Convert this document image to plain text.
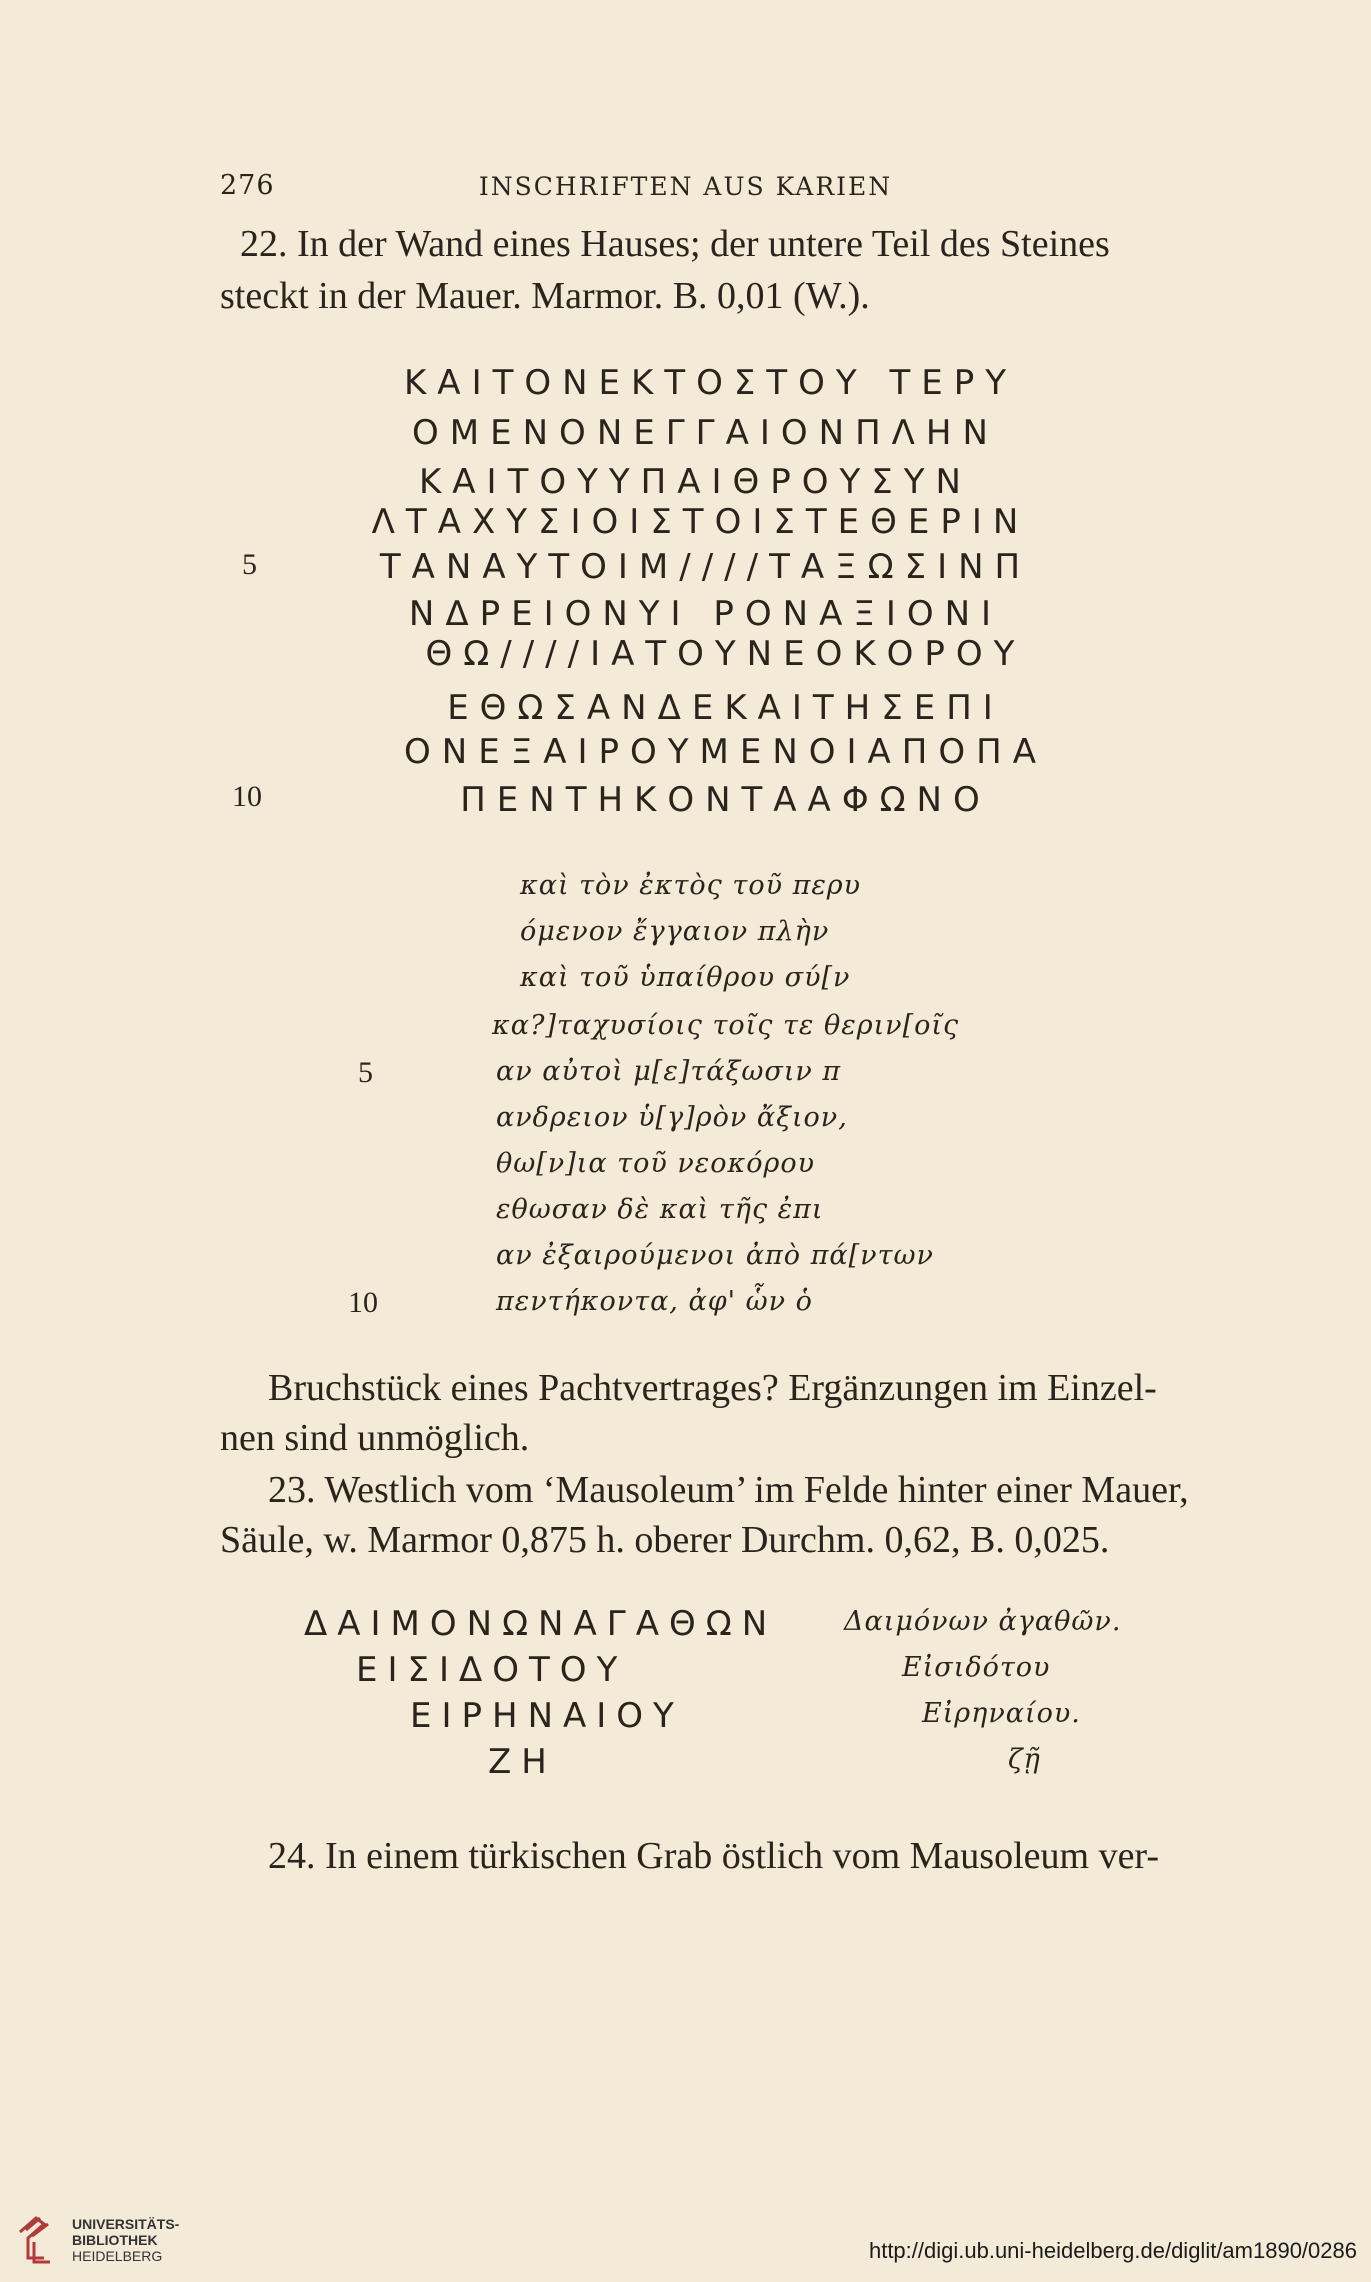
276	INSCHRIFTEN AUS KARIEN
22. In der Wand eines Hauses; der untere Teil des Steines
steckt in der Mauer. Marmor. B. 0,01 (W.).
ΚΑΙΤΟΝΕΚΤΟΣΤΟΥ ΤΕΡΥ
ΟΜΕΝΟΝΕΓΓΑΙΟΝΠΛΗΝ
ΚΑΙΤΟΥΥΠΑΙΘΡΟΥΣΥΝ
ΛΤΑΧΥΣΙΟΙΣΤΟΙΣΤΕΘΕΡΙΝ
ΤΑΝΑΥΤΟΙΜ////ΤΑΞΩΣΙΝΠ
ΝΔΡΕΙΟΝΥΙ ΡΟΝΑΞΙΟΝΙ
ΘΩ////ΙΑΤΟΥΝΕΟΚΟΡΟΥ
ΕΘΩΣΑΝΔΕΚΑΙΤΗΣΕΠΙ
ΟΝΕΞΑΙΡΟΥΜΕΝΟΙΑΠΟΠΑ
ΠΕΝΤΗΚΟΝΤΑΑΦΩΝΟ
5
10
καὶ τὸν ἐκτὸς τοῦ περυ
όμενον ἔγγαιον πλὴν
καὶ τοῦ ὑπαίθρου σύ[ν
κα?]ταχυσίοις τοῖς τε θεριν[οῖς
αν αὐτοὶ μ[ε]τάξωσιν π
ανδρειον ὑ[γ]ρὸν ἄξιον,
θω[ν]ια τοῦ νεοκόρου
εθωσαν δὲ καὶ τῆς ἐπι
αν ἐξαιρούμενοι ἀπὸ πά[ντων
πεντήκοντα, ἀφ' ὧν ὁ
5
10
Bruchstück eines Pachtvertrages? Ergänzungen im Einzel-
nen sind unmöglich.
23. Westlich vom ‘Mausoleum’ im Felde hinter einer Mauer,
Säule, w. Marmor 0,875 h. oberer Durchm. 0,62, B. 0,025.
ΔΑΙΜΟΝΩΝΑΓΑΘΩΝ
ΕΙΣΙΔΟΤΟΥ
ΕΙΡΗΝΑΙΟΥ
ΖΗ
Δαιμόνων ἀγαθῶν.
Εἰσιδότου
Εἰρηναίου.
ζῇ
24. In einem türkischen Grab östlich vom Mausoleum ver-
UNIVERSITÄTS-
BIBLIOTHEK
HEIDELBERG	http://digi.ub.uni-heidelberg.de/diglit/am1890/0286
